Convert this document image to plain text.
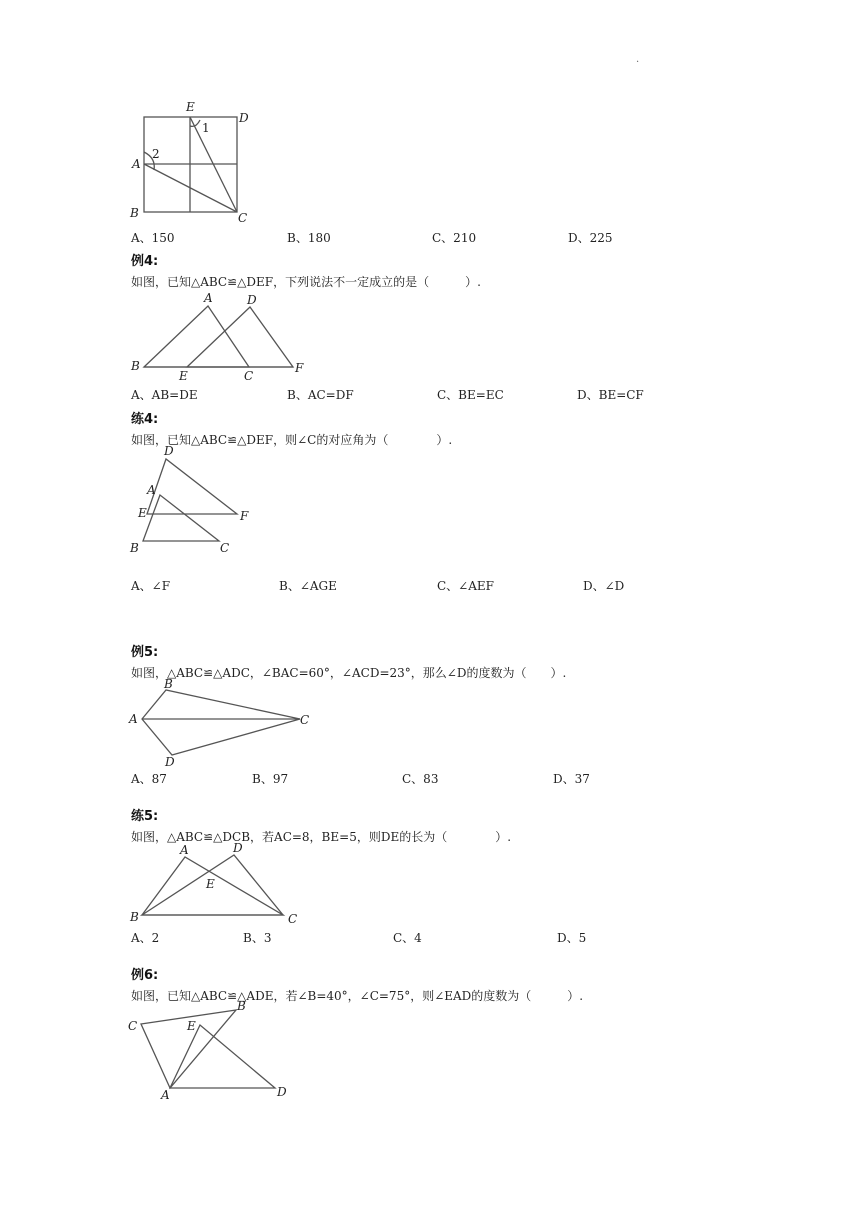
.
E
D
1
2
A
B	C
A、150	B、180	C、210	D、225
例4:
如图，已知△ABC≌△DEF，下列说法不一定成立的是（　　　）.
A	D
B
E	C
F
A、AB=DE	B、AC=DF	C、BE=EC	D、BE=CF
练4:
如图，已知△ABC≌△DEF，则∠C的对应角为（　　　　）.
D
A
E	F
B	C
A、∠F	B、∠AGE	C、∠AEF	D、∠D
例5:
如图，△ABC≌△ADC，∠BAC=60°，∠ACD=23°，那么∠D的度数为（　　）.
B
A	C
D
A、87	B、97	C、83	D、37
练5:
如图，△ABC≌△DCB，若AC=8，BE=5，则DE的长为（　　　　）.
A	D
E
B	C
A、2	B、3	C、4	D、5
例6:
如图，已知△ABC≌△ADE，若∠B=40°，∠C=75°，则∠EAD的度数为（　　　）.
C
B
E
A	D
